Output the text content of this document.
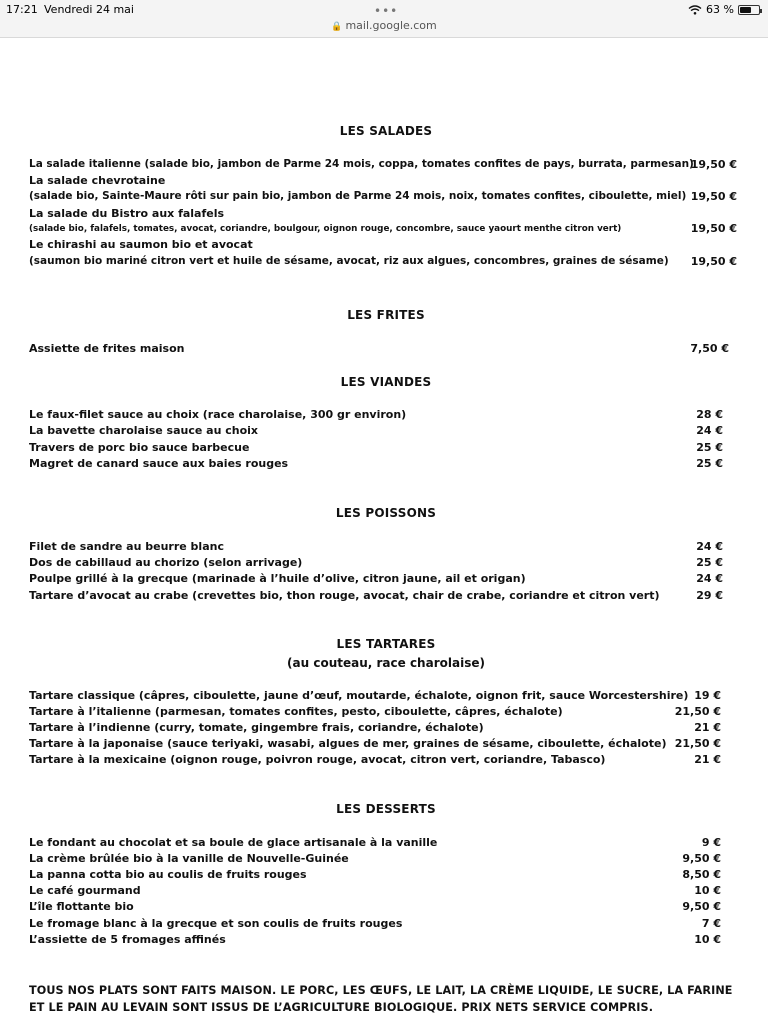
17:21 Vendredi 24 mai	63 %
•••
🔒 mail.google.com
LES SALADES
La salade italienne (salade bio, jambon de Parme 24 mois, coppa, tomates confites de pays, burrata, parmesan)
19,50 €
La salade chevrotaine
(salade bio, Sainte-Maure rôti sur pain bio, jambon de Parme 24 mois, noix, tomates confites, ciboulette, miel) 19,50 €
La salade du Bistro aux falafels
(salade bio, falafels, tomates, avocat, coriandre, boulgour, oignon rouge, concombre, sauce yaourt menthe citron vert)	19,50 €
Le chirashi au saumon bio et avocat
(saumon bio mariné citron vert et huile de sésame, avocat, riz aux algues, concombres, graines de sésame) 19,50 €
LES FRITES
Assiette de frites maison	7,50 €
LES VIANDES
Le faux-filet sauce au choix (race charolaise, 300 gr environ)	28 €
La bavette charolaise sauce au choix	24 €
Travers de porc bio sauce barbecue	25 €
Magret de canard sauce aux baies rouges	25 €
LES POISSONS
Filet de sandre au beurre blanc	24 €
Dos de cabillaud au chorizo (selon arrivage)	25 €
Poulpe grillé à la grecque (marinade à l’huile d’olive, citron jaune, ail et origan)	24 €
Tartare d’avocat au crabe (crevettes bio, thon rouge, avocat, chair de crabe, coriandre et citron vert)	29 €
LES TARTARES
(au couteau, race charolaise)
Tartare classique (câpres, ciboulette, jaune d’œuf, moutarde, échalote, oignon frit, sauce Worcestershire) 19 €
Tartare à l’italienne (parmesan, tomates confites, pesto, ciboulette, câpres, échalote)	21,50 €
Tartare à l’indienne (curry, tomate, gingembre frais, coriandre, échalote)	21 €
Tartare à la japonaise (sauce teriyaki, wasabi, algues de mer, graines de sésame, ciboulette, échalote) 21,50 €
Tartare à la mexicaine (oignon rouge, poivron rouge, avocat, citron vert, coriandre, Tabasco)	21 €
LES DESSERTS
Le fondant au chocolat et sa boule de glace artisanale à la vanille	9 €
La crème brûlée bio à la vanille de Nouvelle-Guinée	9,50 €
La panna cotta bio au coulis de fruits rouges	8,50 €
Le café gourmand	10 €
L’île flottante bio	9,50 €
Le fromage blanc à la grecque et son coulis de fruits rouges	7 €
L’assiette de 5 fromages affinés	10 €
TOUS NOS PLATS SONT FAITS MAISON. LE PORC, LES ŒUFS, LE LAIT, LA CRÈME LIQUIDE, LE SUCRE, LA FARINE
ET LE PAIN AU LEVAIN SONT ISSUS DE L’AGRICULTURE BIOLOGIQUE. PRIX NETS SERVICE COMPRIS.
